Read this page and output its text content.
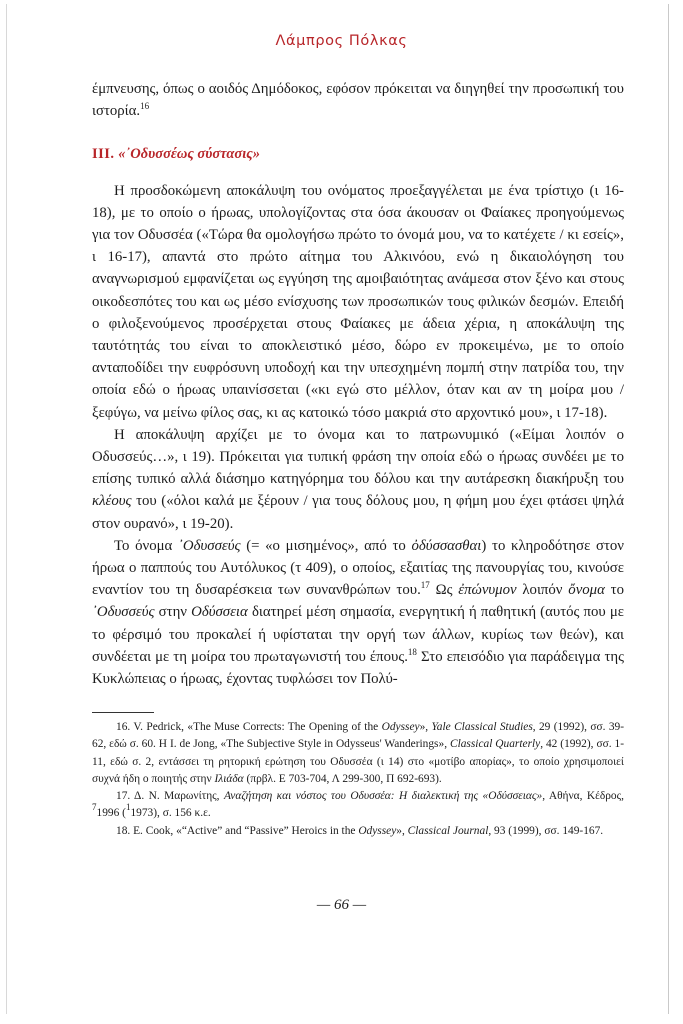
Λάμπρος Πόλκας

έμπνευσης, όπως ο αοιδός Δημόδοκος, εφόσον πρόκειται να διηγηθεί την προσωπική του ιστορία.$^{16}$

ΙΙΙ. «᾿Οδυσσέως σύστασις»

Η προσδοκώμενη αποκάλυψη του ονόματος προεξαγγέλεται με ένα τρίστιχο (ι 16-18), με το οποίο ο ήρωας, υπολογίζοντας στα όσα άκουσαν οι Φαίακες προηγούμενως για τον Οδυσσέα («Τώρα θα ομολογήσω πρώτο το όνομά μου, να το κατέχετε / κι εσείς», ι 16-17), απαντά στο πρώτο αίτημα του Αλκινόου, ενώ η δικαιολόγηση του αναγνωρισμού εμφανίζεται ως εγγύηση της αμοιβαιότητας ανάμεσα στον ξένο και στους οικοδεσπότες του και ως μέσο ενίσχυσης των προσωπικών τους φιλικών δεσμών. Επειδή ο φιλοξενούμενος προσέρχεται στους Φαίακες με άδεια χέρια, η αποκάλυψη της ταυτότητάς του είναι το αποκλειστικό μέσο, δώρο εν προκειμένω, με το οποίο ανταποδίδει την ευφρόσυνη υποδοχή και την υπεσχημένη πομπή στην πατρίδα του, την οποία εδώ ο ήρωας υπαινίσσεται («κι εγώ στο μέλλον, όταν και αν τη μοίρα μου / ξεφύγω, να μείνω φίλος σας, κι ας κατοικώ τόσο μακριά στο αρχοντικό μου», ι 17-18).

Η αποκάλυψη αρχίζει με το όνομα και το πατρωνυμικό («Είμαι λοιπόν ο Οδυσσεύς…», ι 19). Πρόκειται για τυπική φράση την οποία εδώ ο ήρωας συνδέει με το επίσης τυπικό αλλά διάσημο κατηγόρημα του δόλου και την αυτάρεσκη διακήρυξη του κλέους του («όλοι καλά με ξέρουν / για τους δόλους μου, η φήμη μου έχει φτάσει ψηλά στον ουρανό», ι 19-20).

Το όνομα ᾿Οδυσσεύς (= «ο μισημένος», από το ὀδύσσασθαι) το κληροδότησε στον ήρωα ο παππούς του Αυτόλυκος (τ 409), ο οποίος, εξαιτίας της πανουργίας του, κινούσε εναντίον του τη δυσαρέσκεια των συνανθρώπων του.$^{17}$ Ως ἐπώνυμον λοιπόν ὄνομα το ᾿Οδυσσεύς στην Οδύσσεια διατηρεί μέση σημασία, ενεργητική ή παθητική (αυτός που με το φέρσιμό του προκαλεί ή υφίσταται την οργή των άλλων, κυρίως των θεών), και συνδέεται με τη μοίρα του πρωταγωνιστή του έπους.$^{18}$ Στο επεισόδιο για παράδειγμα της Κυκλώπειας ο ήρωας, έχοντας τυφλώσει τον Πολύ-

16. V. Pedrick, «The Muse Corrects: The Opening of the Odyssey», Yale Classical Studies, 29 (1992), σσ. 39-62, εδώ σ. 60. H I. de Jong, «The Subjective Style in Odysseus' Wanderings», Classical Quarterly, 42 (1992), σσ. 1-11, εδώ σ. 2, εντάσσει τη ρητορική ερώτηση του Οδυσσέα (ι 14) στο «μοτίβο απορίας», το οποίο χρησιμοποιεί συχνά ήδη ο ποιητής στην Ιλιάδα (πρβλ. Ε 703-704, Λ 299-300, Π 692-693).

17. Δ. Ν. Μαρωνίτης, Αναζήτηση και νόστος του Οδυσσέα: Η διαλεκτική της «Οδύσσειας», Αθήνα, Κέδρος, $^7$1996 ($^1$1973), σ. 156 κ.ε.

18. E. Cook, «“Active” and “Passive” Heroics in the Odyssey», Classical Journal, 93 (1999), σσ. 149-167.

— 66 —
